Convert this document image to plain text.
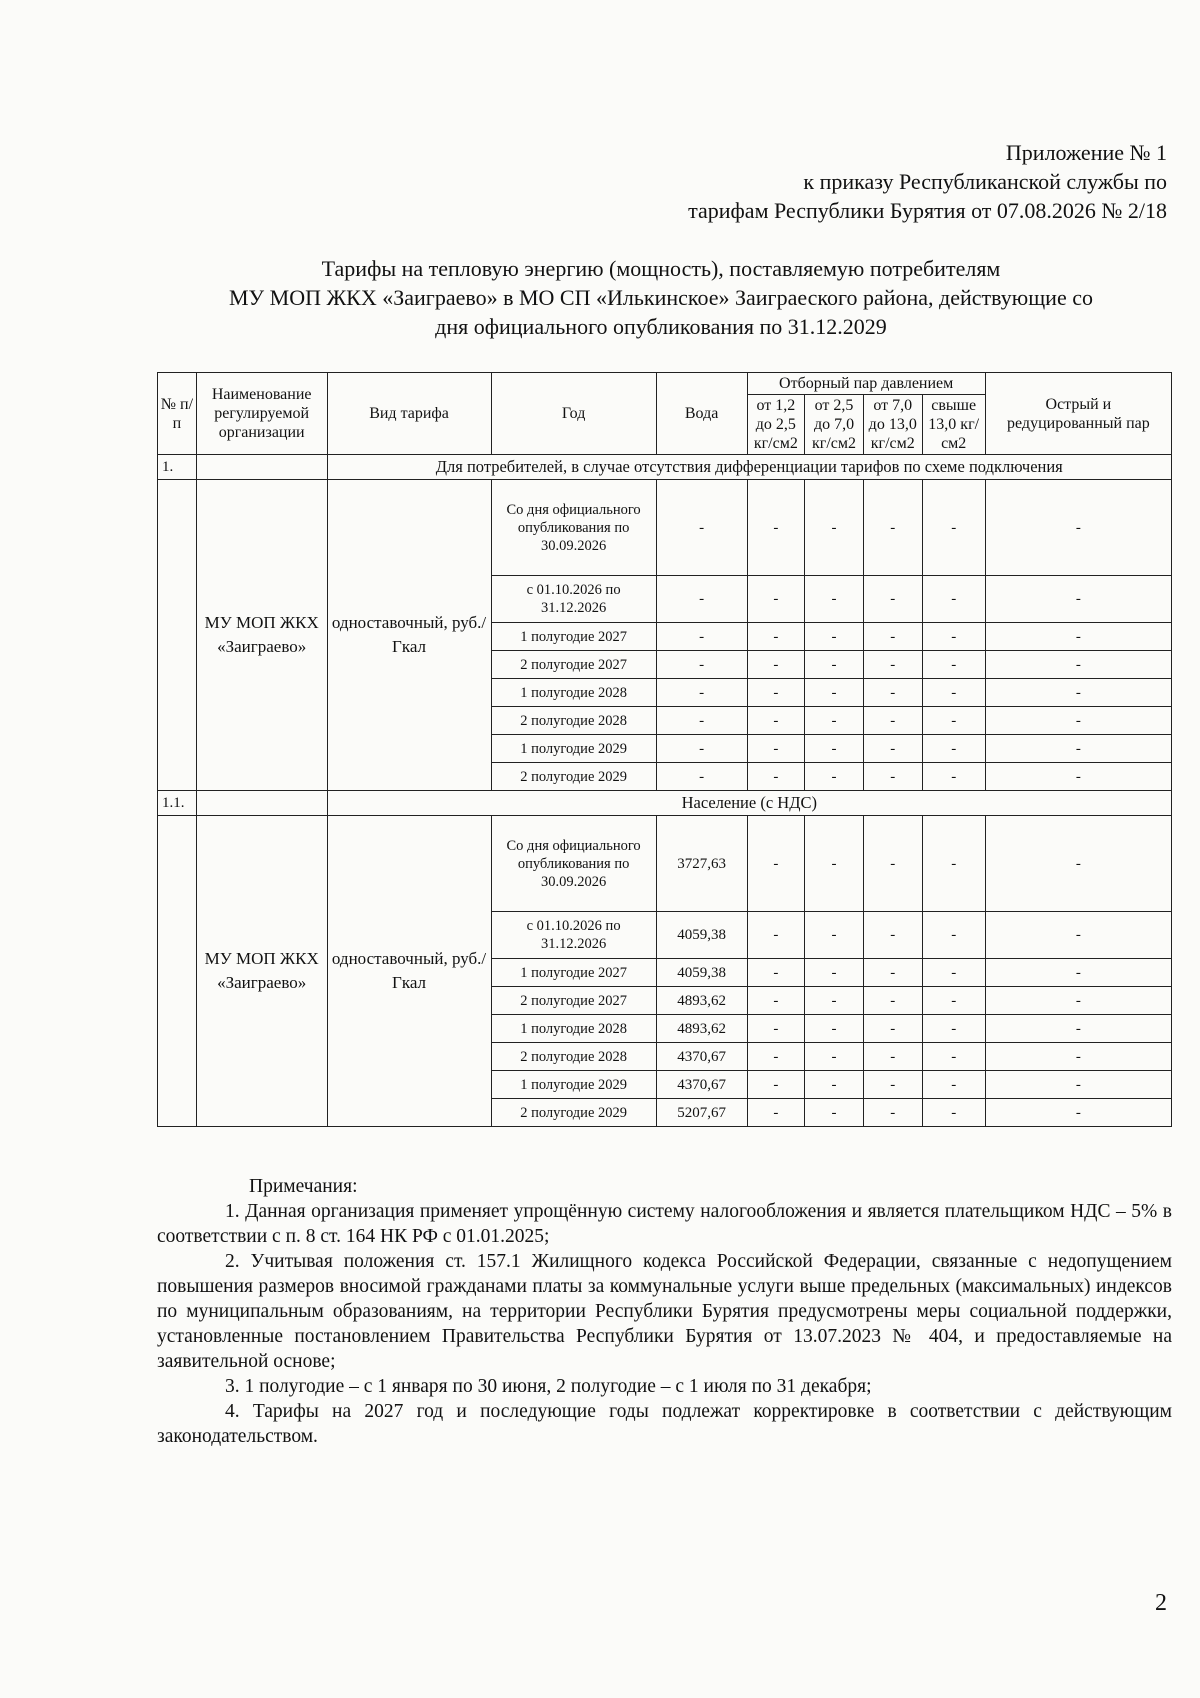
Приложение № 1
к приказу Республиканской службы по
тарифам Республики Бурятия от 07.08.2026 № 2/18
Тарифы на тепловую энергию (мощность), поставляемую потребителям
МУ МОП ЖКХ «Заиграево» в МО СП «Илькинское» Заиграеского района, действующие со
дня официального опубликования по 31.12.2029
№ п/п	Наименование регулируемой организации	Вид тарифа	Год	Вода	Отборный пар давлением				Острый и редуцированный пар
					от 1,2 до 2,5 кг/см2	от 2,5 до 7,0 кг/см2	от 7,0 до 13,0 кг/см2	свыше 13,0 кг/см2	
1.		Для потребителей, в случае отсутствия дифференциации тарифов по схеме подключения							
	МУ МОП ЖКХ «Заиграево»	одноставочный, руб./Гкал	Со дня официального опубликования по 30.09.2026	-	-	-	-	-	-
			с 01.10.2026 по 31.12.2026	-	-	-	-	-	-
			1 полугодие 2027	-	-	-	-	-	-
			2 полугодие 2027	-	-	-	-	-	-
			1 полугодие 2028	-	-	-	-	-	-
			2 полугодие 2028	-	-	-	-	-	-
			1 полугодие 2029	-	-	-	-	-	-
			2 полугодие 2029	-	-	-	-	-	-
1.1.		Население (с НДС)							
	МУ МОП ЖКХ «Заиграево»	одноставочный, руб./Гкал	Со дня официального опубликования по 30.09.2026	3727,63	-	-	-	-	-
			с 01.10.2026 по 31.12.2026	4059,38	-	-	-	-	-
			1 полугодие 2027	4059,38	-	-	-	-	-
			2 полугодие 2027	4893,62	-	-	-	-	-
			1 полугодие 2028	4893,62	-	-	-	-	-
			2 полугодие 2028	4370,67	-	-	-	-	-
			1 полугодие 2029	4370,67	-	-	-	-	-
			2 полугодие 2029	5207,67	-	-	-	-	-

Примечания:

1. Данная организация применяет упрощённую систему налогообложения и является плательщиком НДС – 5% в соответствии с п. 8 ст. 164 НК РФ с 01.01.2025;

2. Учитывая положения ст. 157.1 Жилищного кодекса Российской Федерации, связанные с недопущением повышения размеров вносимой гражданами платы за коммунальные услуги выше предельных (максимальных) индексов по муниципальным образованиям, на территории Республики Бурятия предусмотрены меры социальной поддержки, установленные постановлением Правительства Республики Бурятия от 13.07.2023 № 404, и предоставляемые на заявительной основе;

3. 1 полугодие – с 1 января по 30 июня, 2 полугодие – с 1 июля по 31 декабря;

4. Тарифы на 2027 год и последующие годы подлежат корректировке в соответствии с действующим законодательством.

2
